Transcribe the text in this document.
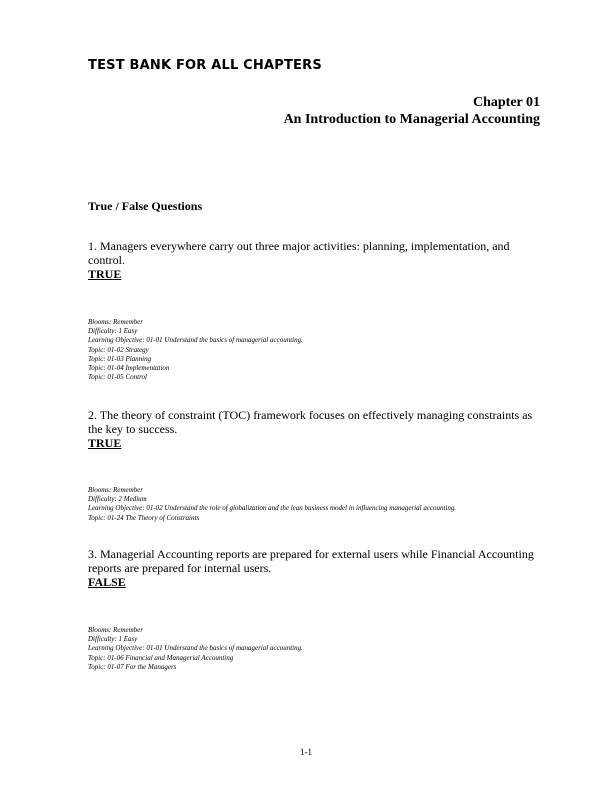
TEST BANK FOR ALL CHAPTERS
Chapter 01
An Introduction to Managerial Accounting
True / False Questions

1. Managers everywhere carry out three major activities: planning, implementation, and control.

TRUE

Blooms: Remember
Difficulty: 1 Easy
Learning Objective: 01-01 Understand the basics of managerial accounting.
Topic: 01-02 Strategy
Topic: 01-03 Planning
Topic: 01-04 Implementation
Topic: 01-05 Control

2. The theory of constraint (TOC) framework focuses on effectively managing constraints as the key to success.

TRUE

Blooms: Remember
Difficulty: 2 Medium
Learning Objective: 01-02 Understand the role of globalization and the lean business model in influencing managerial accounting.
Topic: 01-24 The Theory of Constraints

3. Managerial Accounting reports are prepared for external users while Financial Accounting reports are prepared for internal users.

FALSE

Blooms: Remember
Difficulty: 1 Easy
Learning Objective: 01-01 Understand the basics of managerial accounting.
Topic: 01-06 Financial and Managerial Accounting
Topic: 01-07 For the Managers
1-1
